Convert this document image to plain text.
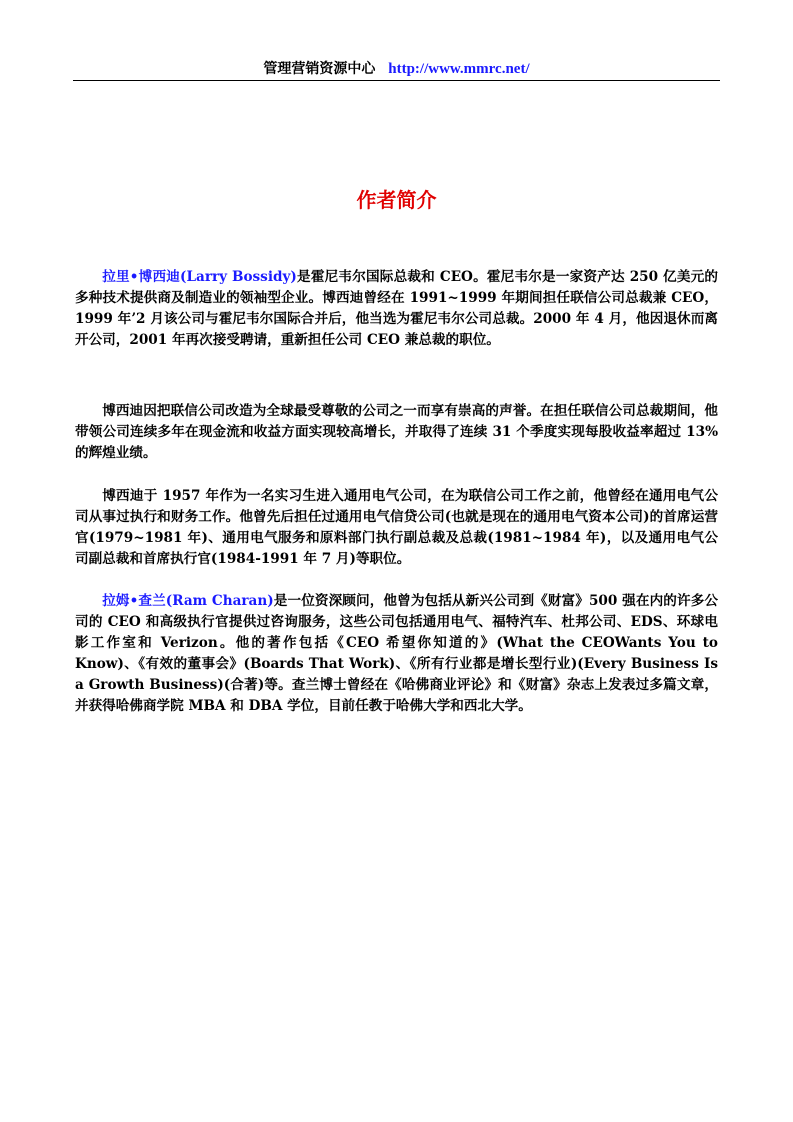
管理营销资源中心 http://www.mmrc.net/
作者简介

拉里•博西迪(Larry Bossidy)是霍尼韦尔国际总裁和 CEO。霍尼韦尔是一家资产达 250 亿美元的多种技术提供商及制造业的领袖型企业。博西迪曾经在 1991~1999 年期间担任联信公司总裁兼 CEO，1999 年’2 月该公司与霍尼韦尔国际合并后，他当选为霍尼韦尔公司总裁。2000 年 4 月，他因退休而离开公司，2001 年再次接受聘请，重新担任公司 CEO 兼总裁的职位。

博西迪因把联信公司改造为全球最受尊敬的公司之一而享有崇高的声誉。在担任联信公司总裁期间，他带领公司连续多年在现金流和收益方面实现较高增长，并取得了连续 31 个季度实现每股收益率超过 13%的辉煌业绩。

博西迪于 1957 年作为一名实习生进入通用电气公司，在为联信公司工作之前，他曾经在通用电气公司从事过执行和财务工作。他曾先后担任过通用电气信贷公司(也就是现在的通用电气资本公司)的首席运营官(1979~1981 年)、通用电气服务和原料部门执行副总裁及总裁(1981~1984 年)，以及通用电气公司副总裁和首席执行官(1984-1991 年 7 月)等职位。

拉姆•查兰(Ram Charan)是一位资深顾问，他曾为包括从新兴公司到《财富》500 强在内的许多公司的 CEO 和高级执行官提供过咨询服务，这些公司包括通用电气、福特汽车、杜邦公司、EDS、环球电影工作室和 Verizon。他的著作包括《CEO 希望你知道的》(What the CEOWants You to Know)、《有效的董事会》(Boards That Work)、《所有行业都是增长型行业)(Every Business Is a Growth Business)(合著)等。查兰博士曾经在《哈佛商业评论》和《财富》杂志上发表过多篇文章，并获得哈佛商学院 MBA 和 DBA 学位，目前任教于哈佛大学和西北大学。
